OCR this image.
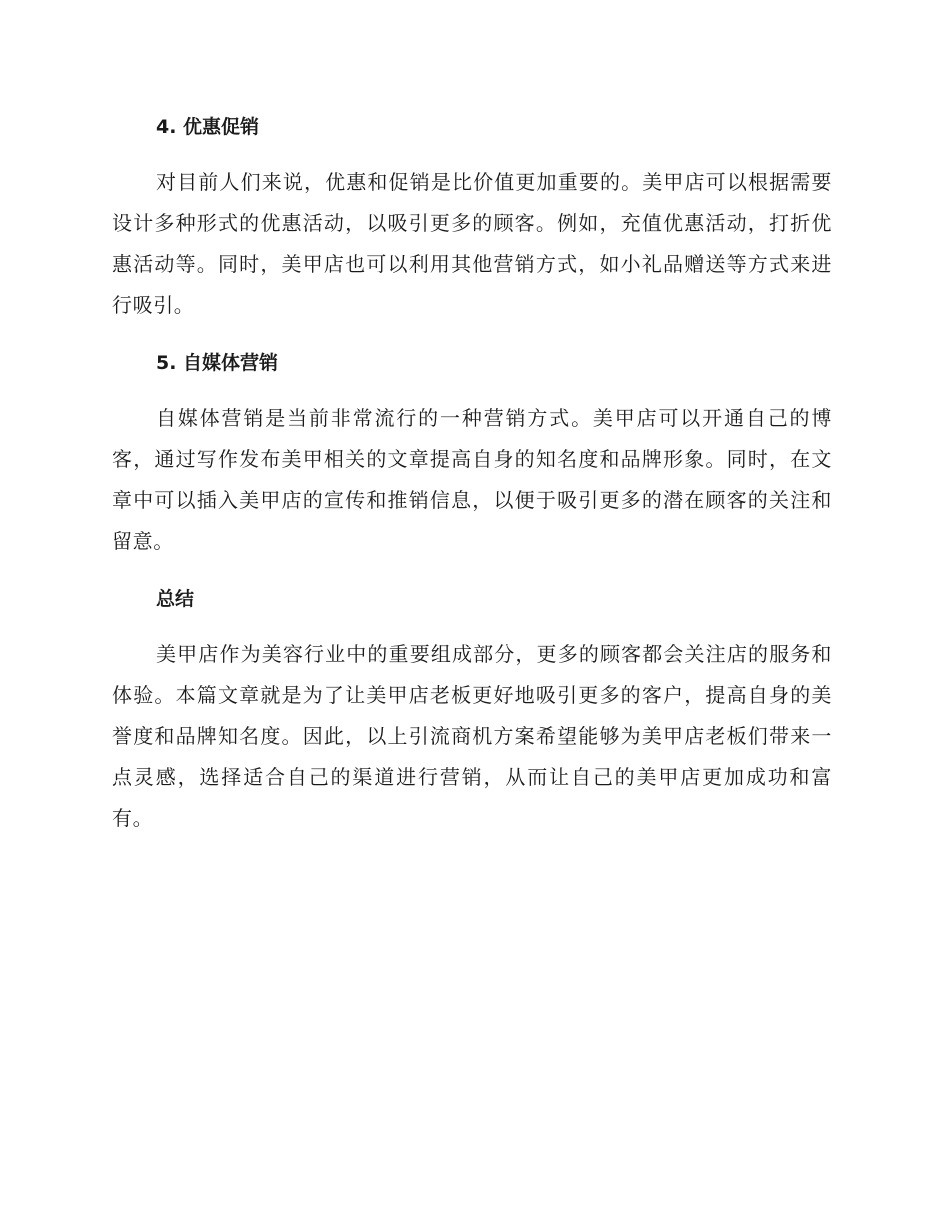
4. 优惠促销

对目前人们来说，优惠和促销是比价值更加重要的。美甲店可以根据需要设计多种形式的优惠活动，以吸引更多的顾客。例如，充值优惠活动，打折优惠活动等。同时，美甲店也可以利用其他营销方式，如小礼品赠送等方式来进行吸引。

5. 自媒体营销

自媒体营销是当前非常流行的一种营销方式。美甲店可以开通自己的博客，通过写作发布美甲相关的文章提高自身的知名度和品牌形象。同时，在文章中可以插入美甲店的宣传和推销信息，以便于吸引更多的潜在顾客的关注和留意。

总结

美甲店作为美容行业中的重要组成部分，更多的顾客都会关注店的服务和体验。本篇文章就是为了让美甲店老板更好地吸引更多的客户，提高自身的美誉度和品牌知名度。因此，以上引流商机方案希望能够为美甲店老板们带来一点灵感，选择适合自己的渠道进行营销，从而让自己的美甲店更加成功和富有。
